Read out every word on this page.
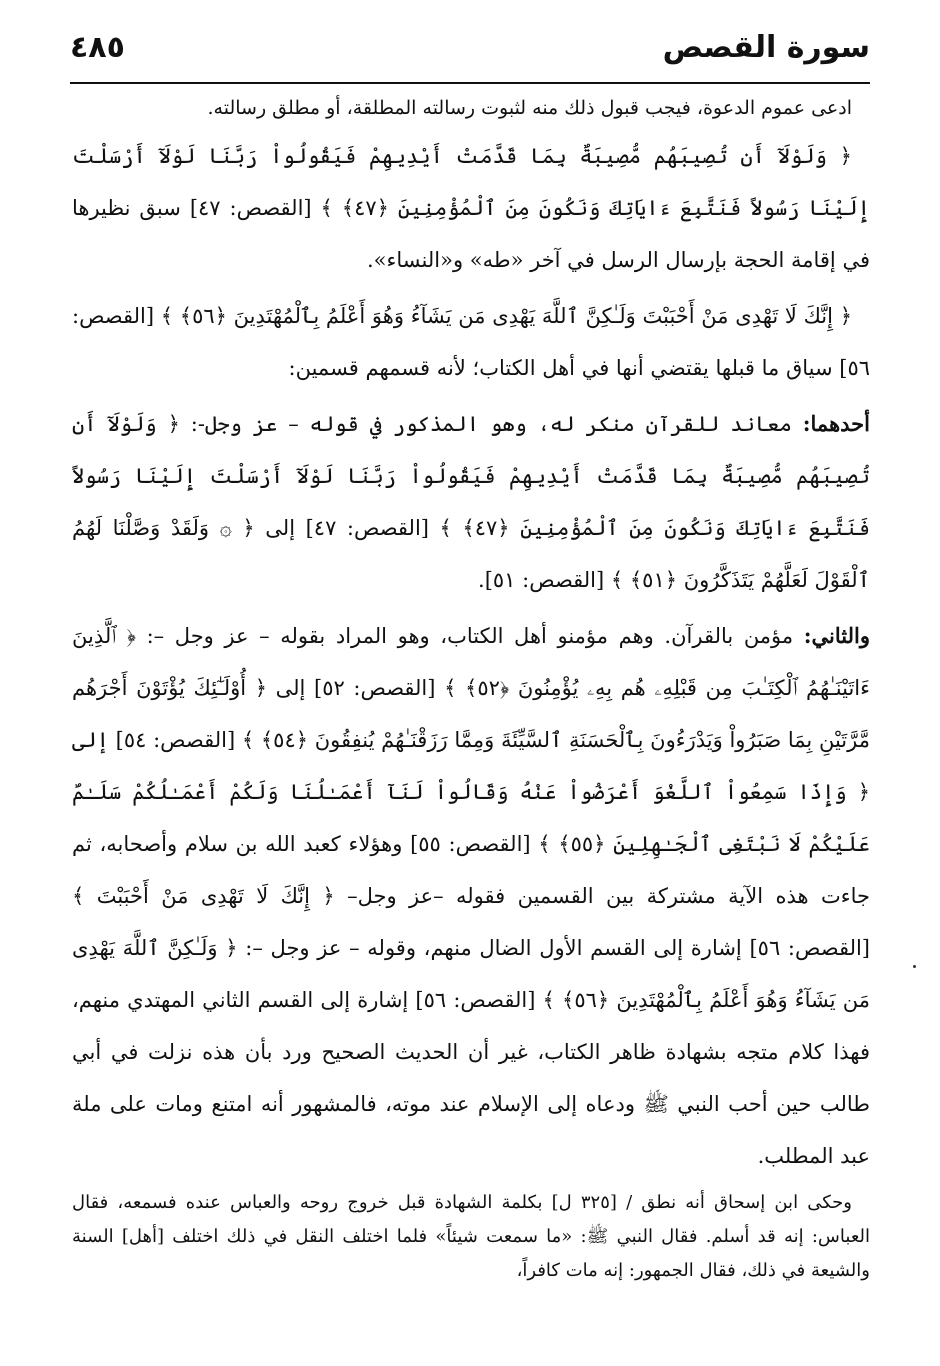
سورة القصص
٤٨٥

ادعى عموم الدعوة، فيجب قبول ذلك منه لثبوت رسالته المطلقة، أو مطلق رسالته.

﴿ وَلَوْلَآ أَن تُصِيبَهُم مُّصِيبَةٌ بِمَا قَدَّمَتْ أَيْدِيهِمْ فَيَقُولُواْ رَبَّنَا لَوْلَآ أَرْسَلْتَ إِلَيْنَا رَسُولاً فَنَتَّبِعَ ءَايَاتِكَ وَنَكُونَ مِنَ ٱلْمُؤْمِنِينَ ﴿٤٧﴾ ﴾ [القصص: ٤٧] سبق نظيرها في إقامة الحجة بإرسال الرسل في آخر «طه» و«النساء».

﴿ إِنَّكَ لَا تَهْدِى مَنْ أَحْبَبْتَ وَلَـٰكِنَّ ٱللَّهَ يَهْدِى مَن يَشَآءُ وَهُوَ أَعْلَمُ بِٱلْمُهْتَدِينَ ﴿٥٦﴾ ﴾ [القصص: ٥٦] سياق ما قبلها يقتضي أنها في أهل الكتاب؛ لأنه قسمهم قسمين:

أحدهما: معاند للقرآن منكر له، وهو المذكور في قوله – عز وجل-: ﴿ وَلَوْلَآ أَن تُصِيبَهُم مُّصِيبَةٌ بِمَا قَدَّمَتْ أَيْدِيهِمْ فَيَقُولُواْ رَبَّنَا لَوْلَآ أَرْسَلْتَ إِلَيْنَا رَسُولاً فَنَتَّبِعَ ءَايَاتِكَ وَنَكُونَ مِنَ ٱلْمُؤْمِنِينَ ﴿٤٧﴾ ﴾ [القصص: ٤٧] إلى ﴿ ۞ وَلَقَدْ وَصَّلْنَا لَهُمُ ٱلْقَوْلَ لَعَلَّهُمْ يَتَذَكَّرُونَ ﴿٥١﴾ ﴾ [القصص: ٥١].

والثاني: مؤمن بالقرآن. وهم مؤمنو أهل الكتاب، وهو المراد بقوله – عز وجل –: ﴿ ٱلَّذِينَ ءَاتَيْنَـٰهُمُ ٱلْكِتَـٰبَ مِن قَبْلِهِۦ هُم بِهِۦ يُؤْمِنُونَ ﴿٥٢﴾ ﴾ [القصص: ٥٢] إلى ﴿ أُوْلَـٰٓئِكَ يُؤْتَوْنَ أَجْرَهُم مَّرَّتَيْنِ بِمَا صَبَرُواْ وَيَدْرَءُونَ بِٱلْحَسَنَةِ ٱلسَّيِّئَةَ وَمِمَّا رَزَقْنَـٰهُمْ يُنفِقُونَ ﴿٥٤﴾ ﴾ [القصص: ٥٤] إلى ﴿ وَإِذَا سَمِعُواْ ٱللَّغْوَ أَعْرَضُواْ عَنْهُ وَقَالُواْ لَنَآ أَعْمَـٰلُنَا وَلَكُمْ أَعْمَـٰلُكُمْ سَلَـٰمٌ عَلَيْكُمْ لَا نَبْتَغِى ٱلْجَـٰهِلِينَ ﴿٥٥﴾ ﴾ [القصص: ٥٥] وهؤلاء كعبد الله بن سلام وأصحابه، ثم جاءت هذه الآية مشتركة بين القسمين فقوله –عز وجل– ﴿ إِنَّكَ لَا تَهْدِى مَنْ أَحْبَبْتَ ﴾ [القصص: ٥٦] إشارة إلى القسم الأول الضال منهم، وقوله – عز وجل –: ﴿ وَلَـٰكِنَّ ٱللَّهَ يَهْدِى مَن يَشَآءُ وَهُوَ أَعْلَمُ بِٱلْمُهْتَدِينَ ﴿٥٦﴾ ﴾ [القصص: ٥٦] إشارة إلى القسم الثاني المهتدي منهم، فهذا كلام متجه بشهادة ظاهر الكتاب، غير أن الحديث الصحيح ورد بأن هذه نزلت في أبي طالب حين أحب النبي ﷺ ودعاه إلى الإسلام عند موته، فالمشهور أنه امتنع ومات على ملة عبد المطلب.

وحكى ابن إسحاق أنه نطق / [٣٢٥ ل] بكلمة الشهادة قبل خروج روحه والعباس عنده فسمعه، فقال العباس: إنه قد أسلم. فقال النبي ﷺ: «ما سمعت شيئاً» فلما اختلف النقل في ذلك اختلف [أهل] السنة والشيعة في ذلك، فقال الجمهور: إنه مات كافراً،
